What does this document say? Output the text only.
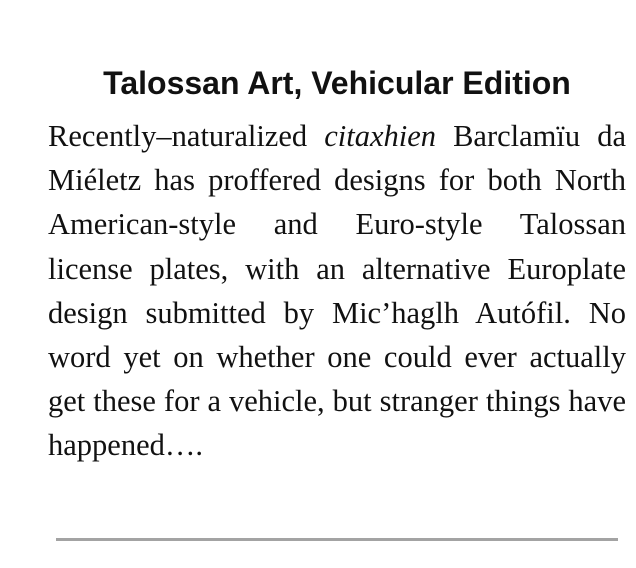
Talossan Art, Vehicular Edition

Recently–naturalized citaxhien Barclamïu da Miéletz has proffered designs for both North American-style and Euro-style Talossan license plates, with an alternative Europlate design submitted by Mic’haglh Autófil. No word yet on whether one could ever actually get these for a vehicle, but stranger things have happened….
